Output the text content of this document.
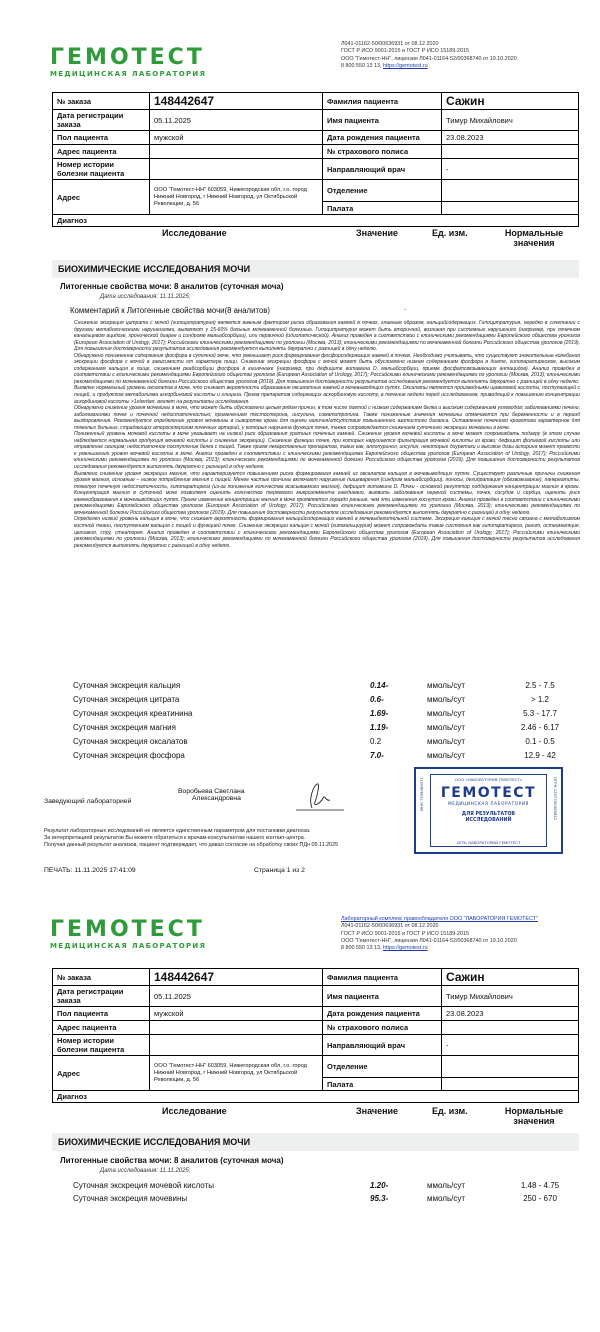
ГЕМОТЕСТ
МЕДИЦИНСКАЯ ЛАБОРАТОРИЯ
Л041-01162-50/00636931 от 08.12.2020
ГОСТ Р ИСО 9001-2015 и ГОСТ Р ИСО 15189-2015
ООО "Гемотест-НН", лицензия Л041-01164-52/00368740 от 19.10.2020
8 800 550 13 13, https://gemotest.ru
№ заказа	148442647	Фамилия пациента	Сажин
Дата регистрации заказа	05.11.2025	Имя пациента	Тимур Михайлович
Пол пациента	мужской	Дата рождения пациента	23.08.2023
Адрес пациента		№ страхового полиса	
Номер истории болезни пациента		Направляющий врач	-
Адрес	ООО "Гемотест-НН" 603059, Нижегородская обл, г.о. город Нижний Новгород, г Нижний Новгород, ул Октябрьской Революции, д. 56	Отделение	
		Палата	
Диагноз			
Исследование	Значение	Ед. изм.	Нормальные
значения
БИОХИМИЧЕСКИЕ ИССЛЕДОВАНИЯ МОЧИ
Литогенные свойства мочи: 8 аналитов (суточная моча)
Дата исследования: 11.11.2025;
Комментарий к Литогенные свойства мочи(8 аналитов)	.

Снижение экскреция цитрата с мочой (гипоцитратурия) является важным фактором риска образования камней в почках, главным образом, кальцийсодержащих. Гипоцитратурия, нередко в сочетании с другими метаболическими нарушениями, выявляют у 15-60% больных мочекаменной болезнью. Гипоцитратурия может быть вторичной, возникая при системных нарушениях (например, при почечном канальцевом ацидозе, хронической диарее и синдроме мальабсорбции), или первичной (идиопатической). Анализ проведен в соответствии с клиническими рекомендациями Европейского общества урологов (European Association of Urology, 2017); Российскими клиническими рекомендациями по урологии (Москва, 2013); клиническими рекомендациями по мочекаменной болезни Российского общества урологов (2019). Для повышения достоверности результатов исследования рекомендуется выполнять двукратно с разницей в одну неделю.

Обнаружено пониженное содержание фосфора в суточной моче, что уменьшает риск формирования фосфорсодержащих камней в почках. Необходимо учитывать, что существуют значительные колебания экскреции фосфора с мочой в зависимости от характера пищи. Снижение экскреции фосфора с мочой может быть обусловлено низким содержанием фосфора в диете, гипопаратиреозом, высоким содержанием кальция в пище, снижением реабсорбции фосфора в кишечнике (например, при дефиците витамина D, мальабсорбции, приеме фосфатсвязывающих антацидов). Анализ проведен в соответствии с клиническими рекомендациями Европейского общества урологов (European Association of Urology, 2017); Российскими клиническими рекомендациями по урологии (Москва, 2013); клиническими рекомендациями по мочекаменной болезни Российского общества урологов (2019). Для повышения достоверности результатов исследования рекомендуется выполнять двукратно с разницей в одну неделю.

Выявлен нормальный уровень оксалатов в моче, что снижает вероятность образования оксалатных камней в мочевыводящих путях. Оксалаты являются производными щавелевой кислоты, поступающей с пищей, и продуктом метаболизма аскорбиновой кислоты и глицина. Прием препаратов содержащих аскорбиновую кислоту, в течение недели перед исследованием, приводящий к повышению концентрации аскорбиновой кислоты >1г/мл/мл, влияет на результаты исследования.

Обнаружено снижение уровня мочевины в моче, что может быть обусловлено целым рядом причин, в том числе диетой с низким содержанием белка и высоким содержанием углеводов; заболеваниями печени; заболеваниями почек и почечной недостаточностью; применением тестостерона, инсулина, соматотропина. Также пониженные значения мочевины отмечаются при беременности и в период выздоровления. Рекомендуется определение уровня мочевины в сыворотке крови для оценки наличия/отсутствия повышенного азотистого баланса. Оставление почечного кровотока характерное для тяжелых больных, страдающих атеросклерозом почечных артерий, у которых нарушена функция почек, также сопровождается снижением суточного экскреции мочевины в моче.

Пониженный уровень мочевой кислоты в моче указывает на низкий риск образования уратных почечных камней. Снижение уровня мочевой кислоты в моче может сопровождать подагру (в этом случае наблюдается нормальная продукция мочевой кислоты и снижение экскреции). Снижение функции почек, при которых нарушается фильтрация мочевой кислоты из крови; дефицит фолиевой кислоты или отравление свинцом; недостаточное поступление белка с пищей. Также прием лекарственных препаратов, таких как, аллопуринол, инсулин, некоторые диуретики и высокие дозы аспирина может привести к уменьшению уровня мочевой кислоты в моче. Анализ проведен в соответствии с клиническими рекомендациями Европейского общества урологов (European Association of Urology, 2017); Российскими клиническими рекомендациями по урологии (Москва, 2013); клиническими рекомендациями по мочекаменной болезни Российского общества урологов (2019). Для повышения достоверности результатов исследования рекомендуется выполнять двукратно с разницей в одну неделю.

Выявлено снижение уровня экскреции магния, что характеризуется повышением риска формирования камней из оксалатов кальция в мочевыводящих путях. Существует различные причины снижения уровня магния, основные – низкое потребление магния с пищей. Менее частые причины включают нарушение пищеварения (синдром мальабсорбции), поносы, дегидратация (обезвоживание), панкреатиты, тяжелую почечную недостаточность, гипопаратиреоз (из-за понижения количества всасываемого магния), дефицит витамина D. Почки - основной регулятор поддержания концентрации магния в крови. Концентрация магния в суточной моче позволяет оценить количество теряемого микроэлемента ежедневно, выявить заболевания нервной системы, почек, сосудов и сердца, оценить риск камнеобразования в мочевыводящих путях. Прием изменение концентрации магния в моче проявляется гораздо раньше, чем эти изменения коснутся крови. Анализ проведен в соответствии с клиническими рекомендациями Европейского общества урологов (European Association of Urology, 2017); Российскими клиническими рекомендациями по урологии (Москва, 2013); клиническими рекомендациями по мочекаменной болезни Российского общества урологов (2019). Для повышения достоверности результатов исследования рекомендуется выполнять двукратно с разницей в одну неделю.

Определен низкий уровень кальция в моче, что снижает вероятность формирования кальцийсодержащих камней в мочевыделительной системе. Экскреция кальция с мочой тесно связана с метаболизмом костной ткани, поступлением кальция с пищей и функцией почек. Снижение экскреции кальция с мочой (гипокальциурия) может сопровождать такие состояния как гипопаратиреоз, рахит, остеомаляция, целиакия, спру, стеаторея. Анализ проведен в соответствии с клиническими рекомендациями Европейского общества урологов (European Association of Urology, 2017); Российскими клиническими рекомендациями по урологии (Москва, 2013); клиническими рекомендациями по мочекаменной болезни Российского общества урологов (2019). Для повышения достоверности результатов исследования рекомендуется выполнять двукратно с разницей в одну неделю.

Суточная экскреция кальция	0.14-	ммоль/сут	2.5 - 7.5
Суточная экскреция цитрата	0.6-	ммоль/сут	> 1.2
Суточная экскреция креатинина	1.69-	ммоль/сут	5.3 - 17.7
Суточная экскреция магния	1.19-	ммоль/сут	2.46 - 6.17
Суточная экскреция оксалатов	0.2	ммоль/сут	0.1 - 0.5
Суточная экскреция фосфора	7.0-	ммоль/сут	12.9 - 42
Заведующий лабораторией
Воробьева Светлана
Александровна	ИНН 7708389371	ОГРН 1207700305842
ООО «ЛАБОРАТОРИЯ ГЕМОТЕСТ»
ГЕМОТЕСТ
МЕДИЦИНСКАЯ ЛАБОРАТОРИЯ
ДЛЯ РЕЗУЛЬТАТОВ
ИССЛЕДОВАНИЙ
СЕТЬ ЛАБОРАТОРИЙ ГЕМОТЕСТ
Результат лабораторных исследований не является единственным параметром для постановки диагноза.
За интерпретацией результатов Вы можете обратиться к врачам-консультантам нашего контакт-центра.
Получая данный результат анализов, пациент подтверждает, что давал согласие на обработку своих ПДн 05.11.2025
ПЕЧАТЬ: 11.11.2025 17:41:09	Страница 1 из 2
ГЕМОТЕСТ
МЕДИЦИНСКАЯ ЛАБОРАТОРИЯ
Лабораторный комплекс правообладателя ООО "ЛАБОРАТОРИЯ ГЕМОТЕСТ"
Л041-01162-50/00636931 от 08.12.2020
ГОСТ Р ИСО 9001-2015 и ГОСТ Р ИСО 15189-2015
ООО "Гемотест-НН", лицензия Л041-01164-52/00368740 от 19.10.2020
8 800 550 13 13, https://gemotest.ru
№ заказа	148442647	Фамилия пациента	Сажин
Дата регистрации заказа	05.11.2025	Имя пациента	Тимур Михайлович
Пол пациента	мужской	Дата рождения пациента	23.08.2023
Адрес пациента		№ страхового полиса	
Номер истории болезни пациента		Направляющий врач	-
Адрес	ООО "Гемотест-НН" 603059, Нижегородская обл, г.о. город Нижний Новгород, г Нижний Новгород, ул Октябрьской Революции, д. 56	Отделение	
		Палата	
Диагноз			
Исследование	Значение	Ед. изм.	Нормальные
значения
БИОХИМИЧЕСКИЕ ИССЛЕДОВАНИЯ МОЧИ
Литогенные свойства мочи: 8 аналитов (суточная моча)
Дата исследования: 11.11.2025;
Суточная экскреция мочевой кислоты	1.20-	ммоль/сут	1.48 - 4.75
Суточная экскреция мочевины	95.3-	ммоль/сут	250 - 670
